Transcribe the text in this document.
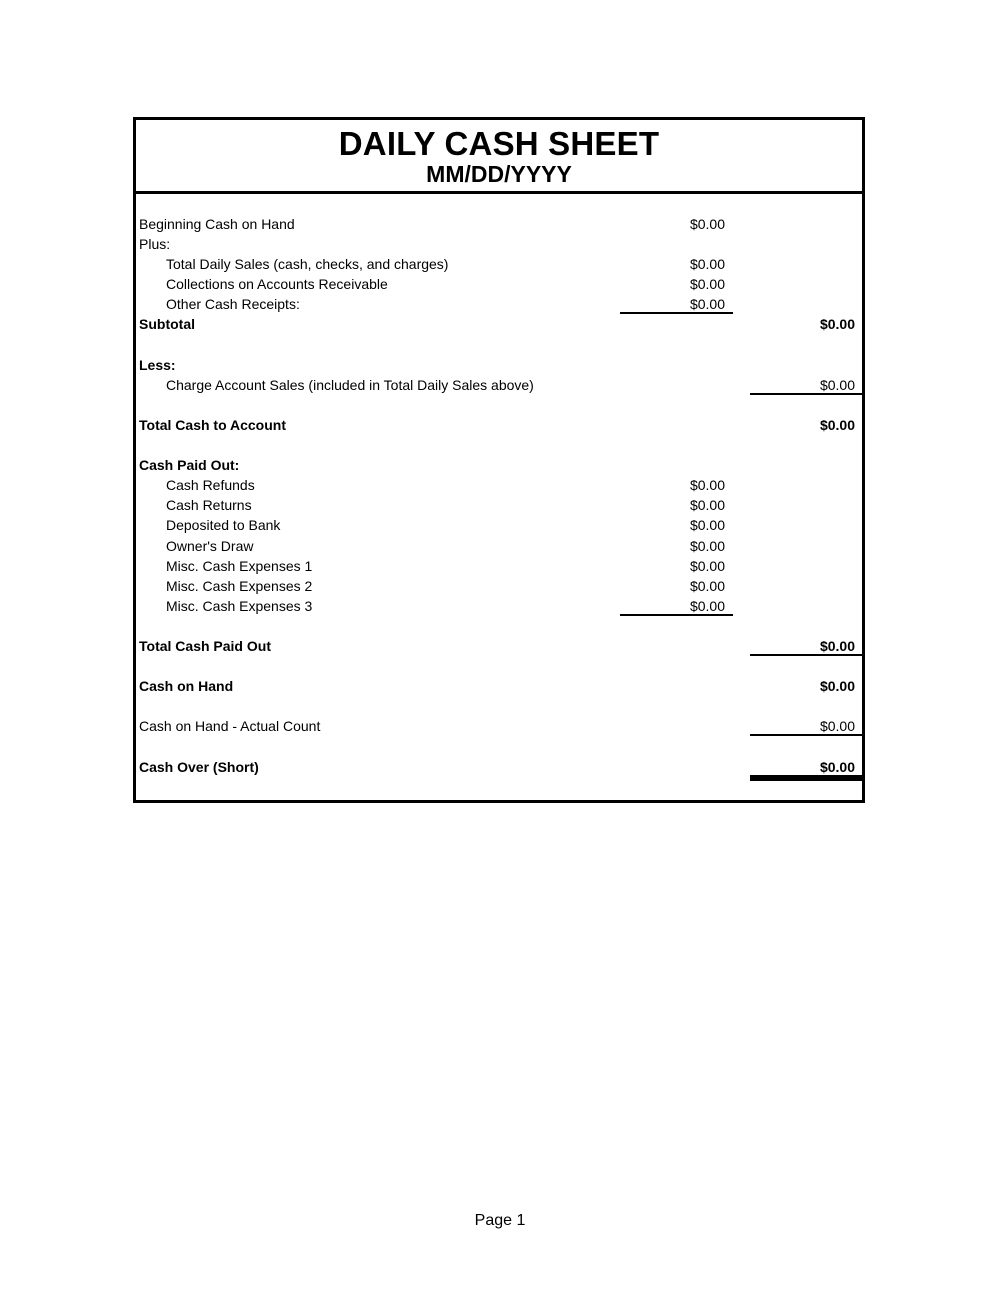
DAILY CASH SHEET
MM/DD/YYYY
Beginning Cash on Hand	$0.00
Plus:
Total Daily Sales (cash, checks, and charges)	$0.00
Collections on Accounts Receivable	$0.00
Other Cash Receipts:	$0.00
Subtotal	$0.00
Less:
Charge Account Sales (included in Total Daily Sales above)	$0.00
Total Cash to Account	$0.00
Cash Paid Out:
Cash Refunds	$0.00
Cash Returns	$0.00
Deposited to Bank	$0.00
Owner's Draw	$0.00
Misc. Cash Expenses 1	$0.00
Misc. Cash Expenses 2	$0.00
Misc. Cash Expenses 3	$0.00
Total Cash Paid Out	$0.00
Cash on Hand	$0.00
Cash on Hand - Actual Count	$0.00
Cash Over (Short)	$0.00
Page 1
